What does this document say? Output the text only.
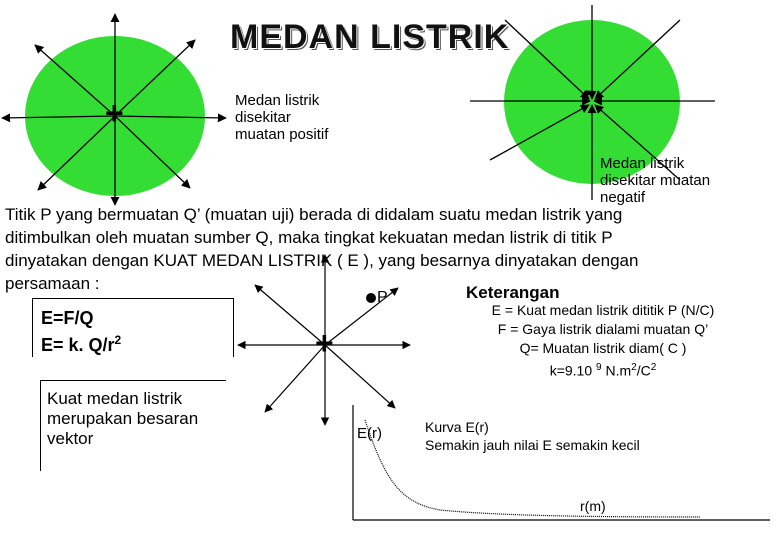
MEDAN LISTRIK
+	Medan listrik
disekitar
muatan positif
-
Medan listrik
disekitar muatan
negatif
Titik P yang bermuatan Q’ (muatan uji) berada di didalam suatu medan listrik yang
ditimbulkan oleh muatan sumber Q, maka tingkat kekuatan medan listrik di titik P
dinyatakan dengan KUAT MEDAN LISTRIK ( E ), yang besarnya dinyatakan dengan
persamaan :
E=F/Q
E= k. $Q/r^2$
P
+
Keterangan
E = Kuat medan listrik dititik P (N/C)
F = Gaya listrik dialami muatan Q’
Q= Muatan listrik diam( C )
k=9.10 $^9$ $N.m^2/C^2$
Kuat medan listrik
merupakan besaran
vektor	E(r)
r(m)
Kurva E(r)
Semakin jauh nilai E semakin kecil
